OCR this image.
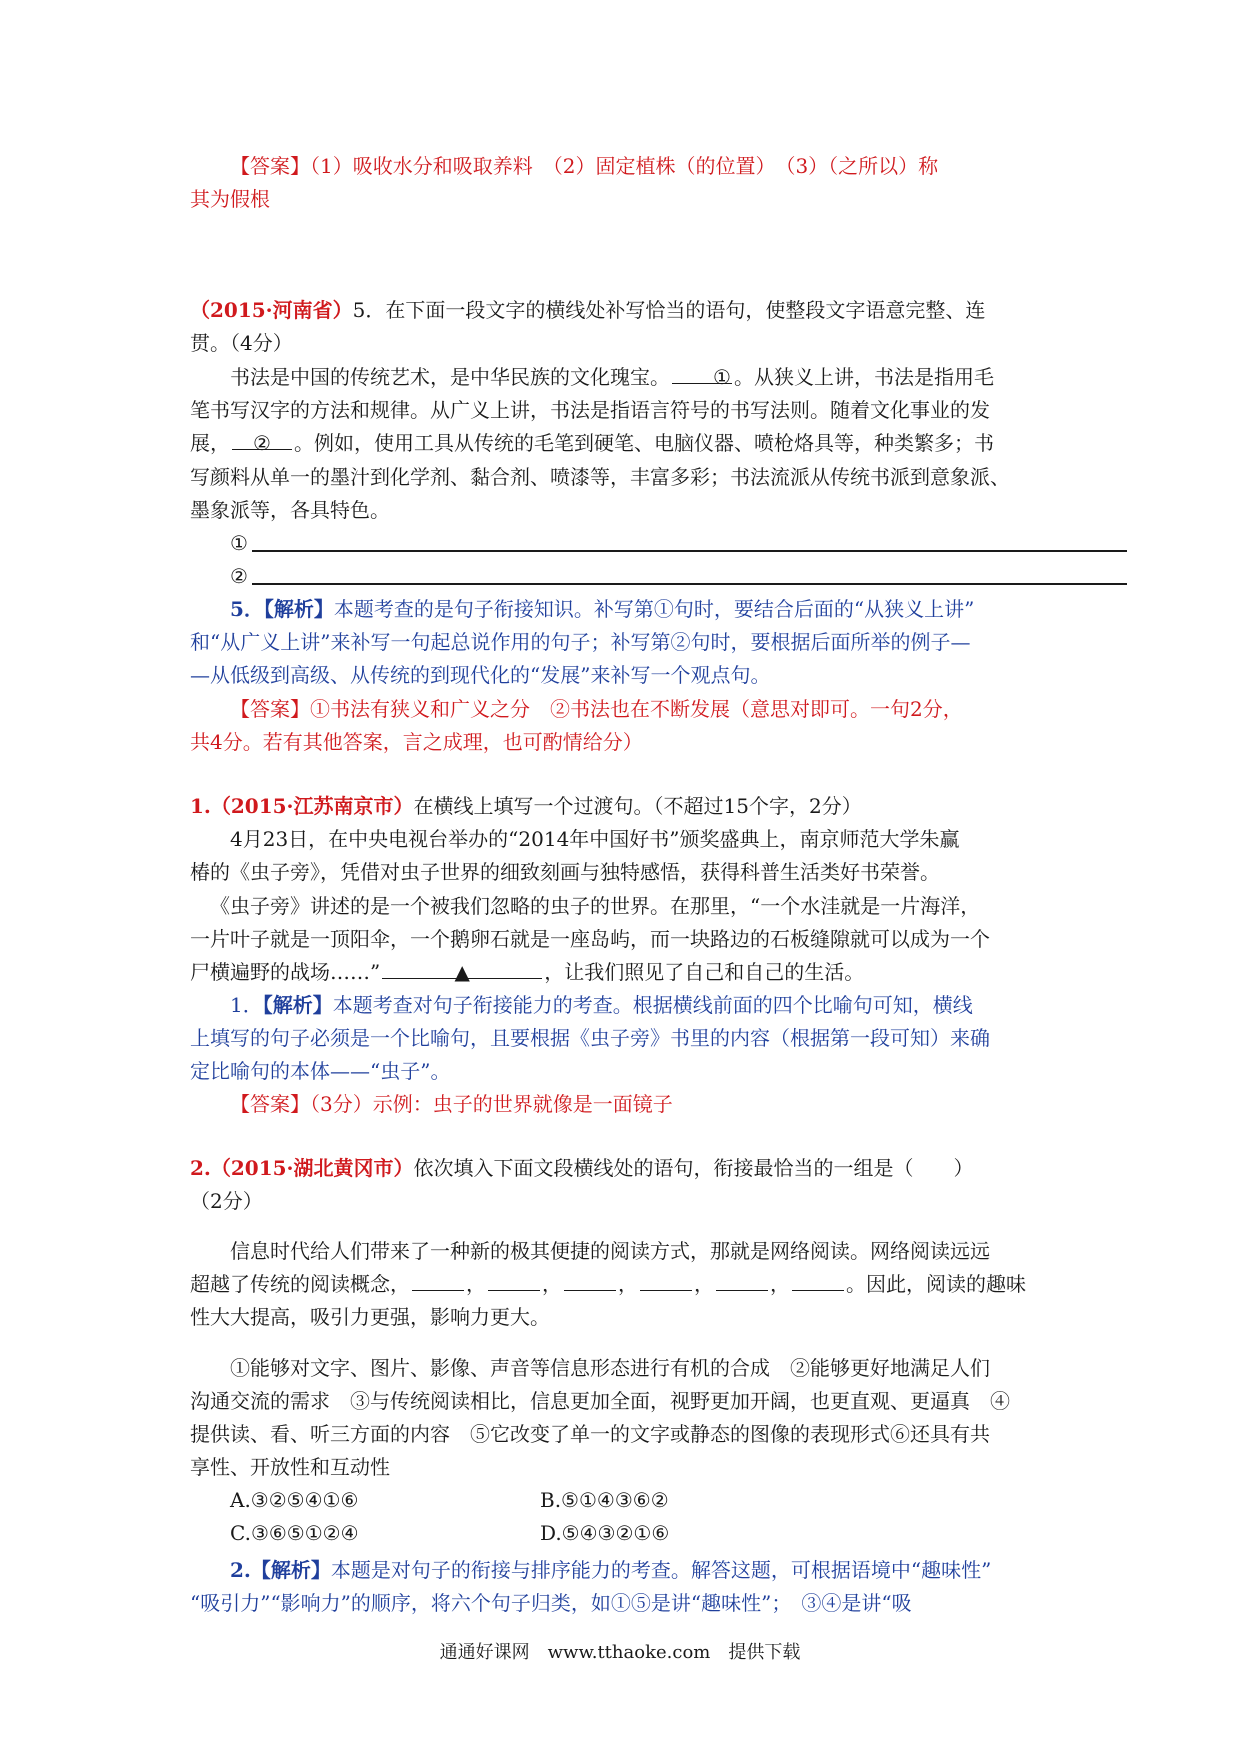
【答案】（1）吸收水分和吸取养料　（2）固定植株（的位置）　（3）（之所以）称
其为假根
（2015·河南省）5．在下面一段文字的横线处补写恰当的语句，使整段文字语意完整、连
贯。（4分）
书法是中国的传统艺术，是中华民族的文化瑰宝。 ① 。从狭义上讲，书法是指用毛
笔书写汉字的方法和规律。从广义上讲，书法是指语言符号的书写法则。随着文化事业的发
展， ② 。例如，使用工具从传统的毛笔到硬笔、电脑仪器、喷枪烙具等，种类繁多；书
写颜料从单一的墨汁到化学剂、黏合剂、喷漆等，丰富多彩；书法流派从传统书派到意象派、
墨象派等，各具特色。
①
②
5．【解析】本题考查的是句子衔接知识。补写第①句时，要结合后面的“从狭义上讲”
和“从广义上讲”来补写一句起总说作用的句子；补写第②句时，要根据后面所举的例子—
—从低级到高级、从传统的到现代化的“发展”来补写一个观点句。
【答案】①书法有狭义和广义之分　②书法也在不断发展（意思对即可。一句2分，
共4分。若有其他答案，言之成理，也可酌情给分）
1.（2015·江苏南京市）在横线上填写一个过渡句。（不超过15个字，2分）
4月23日，在中央电视台举办的“2014年中国好书”颁奖盛典上，南京师范大学朱赢
椿的《虫子旁》，凭借对虫子世界的细致刻画与独特感悟，获得科普生活类好书荣誉。
《虫子旁》讲述的是一个被我们忽略的虫子的世界。在那里，“一个水洼就是一片海洋，
一片叶子就是一顶阳伞，一个鹅卵石就是一座岛屿，而一块路边的石板缝隙就可以成为一个
尸横遍野的战场……”	▲	，让我们照见了自己和自己的生活。
1．【解析】本题考查对句子衔接能力的考查。根据横线前面的四个比喻句可知，横线
上填写的句子必须是一个比喻句，且要根据《虫子旁》书里的内容（根据第一段可知）来确
定比喻句的本体——“虫子”。
【答案】（3分）示例：虫子的世界就像是一面镜子
2.（2015·湖北黄冈市）依次填入下面文段横线处的语句，衔接最恰当的一组是（　　）
（2分）
信息时代给人们带来了一种新的极其便捷的阅读方式，那就是网络阅读。网络阅读远远
超越了传统的阅读概念，	，	，	，	，	，	。因此，阅读的趣味
性大大提高，吸引力更强，影响力更大。
①能够对文字、图片、影像、声音等信息形态进行有机的合成　②能够更好地满足人们
沟通交流的需求　③与传统阅读相比，信息更加全面，视野更加开阔，也更直观、更逼真　④
提供读、看、听三方面的内容　⑤它改变了单一的文字或静态的图像的表现形式⑥还具有共
享性、开放性和互动性
A.③②⑤④①⑥	B.⑤①④③⑥②
C.③⑥⑤①②④	D.⑤④③②①⑥
2.【解析】本题是对句子的衔接与排序能力的考查。解答这题，可根据语境中“趣味性”
“吸引力”“影响力”的顺序，将六个句子归类，如①⑤是讲“趣味性”；　③④是讲“吸
通通好课网　www.tthaoke.com　提供下载
